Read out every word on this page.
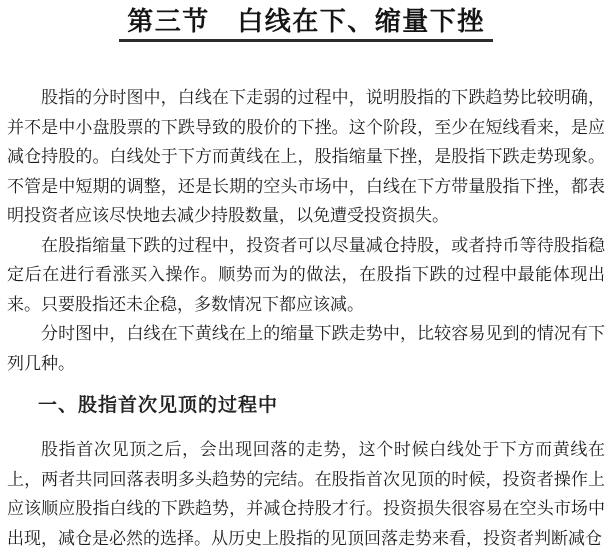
第三节　白线在下、缩量下挫

股指的分时图中，白线在下走弱的过程中，说明股指的下跌趋势比较明确，并不是中小盘股票的下跌导致的股价的下挫。这个阶段，至少在短线看来，是应减仓持股的。白线处于下方而黄线在上，股指缩量下挫，是股指下跌走势现象。不管是中短期的调整，还是长期的空头市场中，白线在下方带量股指下挫，都表明投资者应该尽快地去减少持股数量，以免遭受投资损失。

在股指缩量下跌的过程中，投资者可以尽量减仓持股，或者持币等待股指稳定后在进行看涨买入操作。顺势而为的做法，在股指下跌的过程中最能体现出来。只要股指还未企稳，多数情况下都应该减。

分时图中，白线在下黄线在上的缩量下跌走势中，比较容易见到的情况有下列几种。

一、股指首次见顶的过程中

股指首次见顶之后，会出现回落的走势，这个时候白线处于下方而黄线在上，两者共同回落表明多头趋势的完结。在股指首次见顶的时候，投资者操作上应该顺应股指白线的下跌趋势，并减仓持股才行。投资损失很容易在空头市场中出现，减仓是必然的选择。从历史上股指的见顶回落走势来看，投资者判断减仓
